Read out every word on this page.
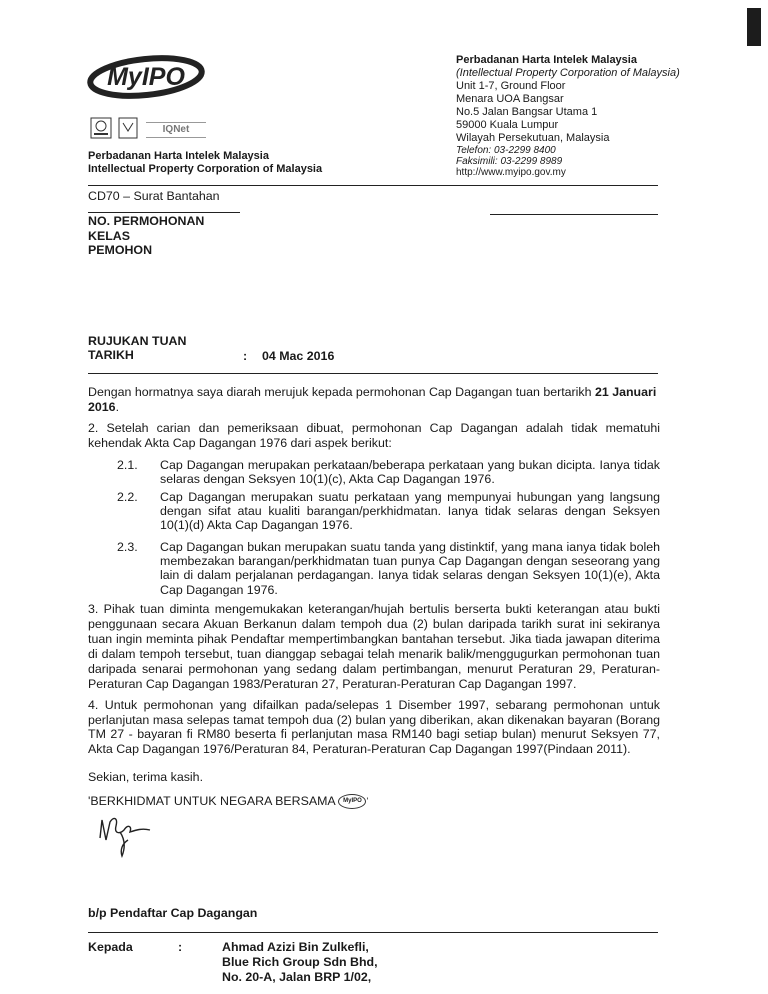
MyIPO
IQNet
Perbadanan Harta Intelek Malaysia
Intellectual Property Corporation of Malaysia
Perbadanan Harta Intelek Malaysia
(Intellectual Property Corporation of Malaysia)
Unit 1-7, Ground Floor
Menara UOA Bangsar
No.5 Jalan Bangsar Utama 1
59000 Kuala Lumpur
Wilayah Persekutuan, Malaysia
Telefon: 03-2299 8400
Faksimili: 03-2299 8989
http://www.myipo.gov.my
CD70 – Surat Bantahan
NO. PERMOHONAN
KELAS
PEMOHON
RUJUKAN TUAN
TARIKH	: 04 Mac 2016
Dengan hormatnya saya diarah merujuk kepada permohonan Cap Dagangan tuan bertarikh 21 Januari
2016.
2. Setelah carian dan pemeriksaan dibuat, permohonan Cap Dagangan adalah tidak mematuhi kehendak Akta Cap Dagangan 1976 dari aspek berikut:
2.1. Cap Dagangan merupakan perkataan/beberapa perkataan yang bukan dicipta. Ianya tidak selaras dengan Seksyen 10(1)(c), Akta Cap Dagangan 1976.
2.2. Cap Dagangan merupakan suatu perkataan yang mempunyai hubungan yang langsung dengan sifat atau kualiti barangan/perkhidmatan. Ianya tidak selaras dengan Seksyen 10(1)(d) Akta Cap Dagangan 1976.
2.3. Cap Dagangan bukan merupakan suatu tanda yang distinktif, yang mana ianya tidak boleh membezakan barangan/perkhidmatan tuan punya Cap Dagangan dengan seseorang yang lain di dalam perjalanan perdagangan. Ianya tidak selaras dengan Seksyen 10(1)(e), Akta Cap Dagangan 1976.
3. Pihak tuan diminta mengemukakan keterangan/hujah bertulis berserta bukti keterangan atau bukti penggunaan secara Akuan Berkanun dalam tempoh dua (2) bulan daripada tarikh surat ini sekiranya tuan ingin meminta pihak Pendaftar mempertimbangkan bantahan tersebut. Jika tiada jawapan diterima di dalam tempoh tersebut, tuan dianggap sebagai telah menarik balik/menggugurkan permohonan tuan daripada senarai permohonan yang sedang dalam pertimbangan, menurut Peraturan 29, Peraturan-Peraturan Cap Dagangan 1983/Peraturan 27, Peraturan-Peraturan Cap Dagangan 1997.
4. Untuk permohonan yang difailkan pada/selepas 1 Disember 1997, sebarang permohonan untuk perlanjutan masa selepas tamat tempoh dua (2) bulan yang diberikan, akan dikenakan bayaran (Borang TM 27 - bayaran fi RM80 beserta fi perlanjutan masa RM140 bagi setiap bulan) menurut Seksyen 77, Akta Cap Dagangan 1976/Peraturan 84, Peraturan-Peraturan Cap Dagangan 1997(Pindaan 2011).
Sekian, terima kasih.
'BERKHIDMAT UNTUK NEGARA BERSAMA MyIPO '
b/p Pendaftar Cap Dagangan
Kepada	:	Ahmad Azizi Bin Zulkefli,
Blue Rich Group Sdn Bhd,
No. 20-A, Jalan BRP 1/02,
